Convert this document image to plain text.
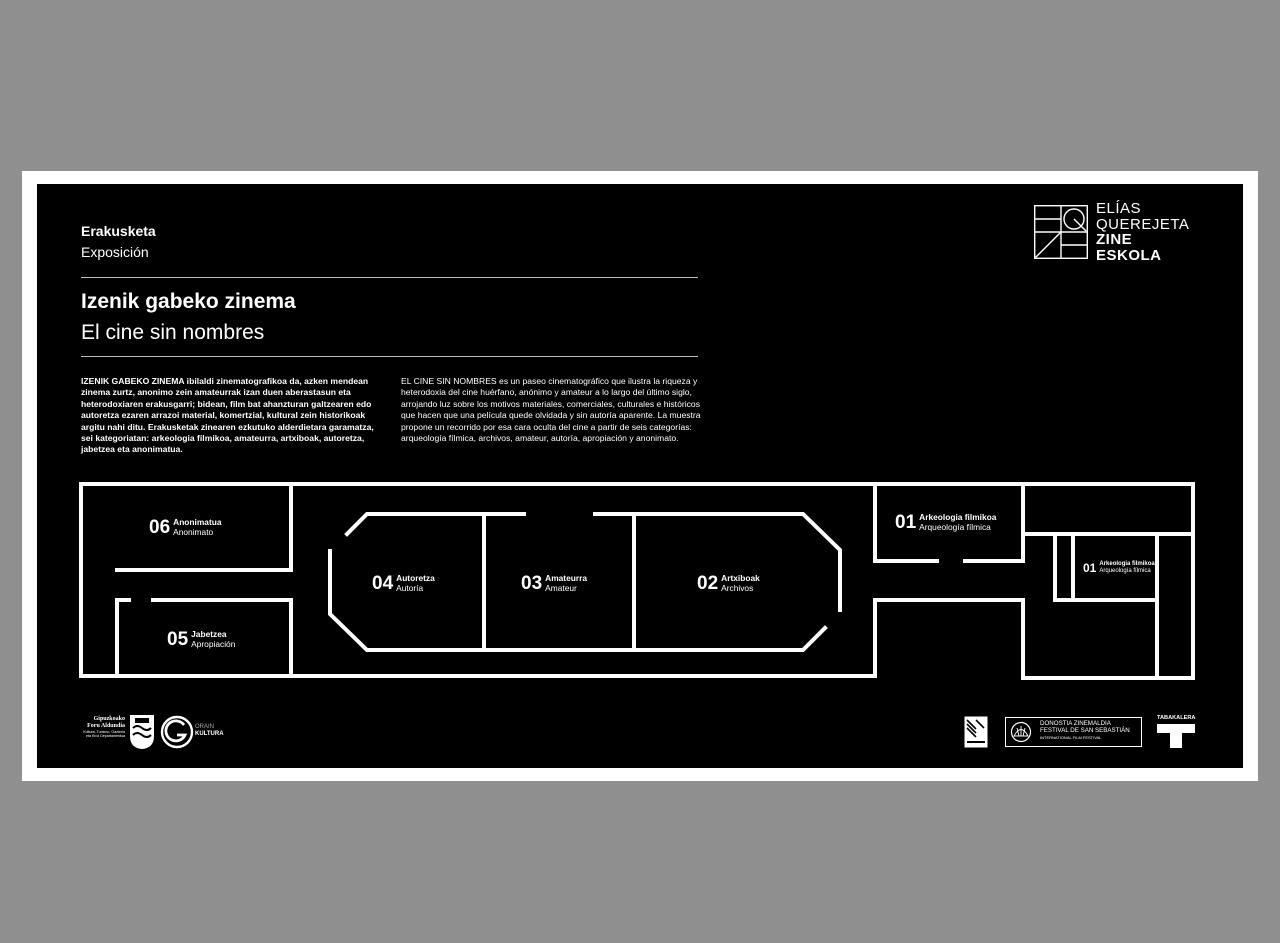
Erakusketa
Exposición
Izenik gabeko zinema
El cine sin nombres
IZENIK GABEKO ZINEMA ibilaldi zinematografikoa da, azken mendean zinema zurtz, anonimo zein amateurrak izan duen aberastasun eta heterodoxiaren erakusgarri; bidean, film bat ahanzturan galtzearen edo autoretza ezaren arrazoi material, komertzial, kultural zein historikoak argitu nahi ditu. Erakusketak zinearen ezkutuko alderdietara garamatza, sei kategoriatan: arkeologia filmikoa, amateurra, artxiboak, autoretza, jabetzea eta anonimatua.
EL CINE SIN NOMBRES es un paseo cinematográfico que ilustra la riqueza y heterodoxia del cine huérfano, anónimo y amateur a lo largo del último siglo, arrojando luz sobre los motivos materiales, comerciales, culturales e históricos que hacen que una película quede olvidada y sin autoría aparente. La muestra propone un recorrido por esa cara oculta del cine a partir de seis categorías: arqueología fílmica, archivos, amateur, autoría, apropiación y anonimato.
ELÍAS
QUEREJETA
ZINE
ESKOLA
06 Anonimatua
Anonimato
05 Jabetzea
Apropiación
04 Autoretza
Autoría	03 Amateurra
Amateur	02 Artxiboak
Archivos
01 Arkeologia filmikoa
Arqueología fílmica
01 Arkeologia filmikoa
Arqueología fílmica
Gipuzkoako
Foru Aldundia
Kultura, Turismo, Gazteria
eta Kirol Departamentua
ORAIN
KULTURA
DONOSTIA ZINEMALDIA
FESTIVAL DE SAN SEBASTIÁN
INTERNATIONAL FILM FESTIVAL
TABAKALERA
